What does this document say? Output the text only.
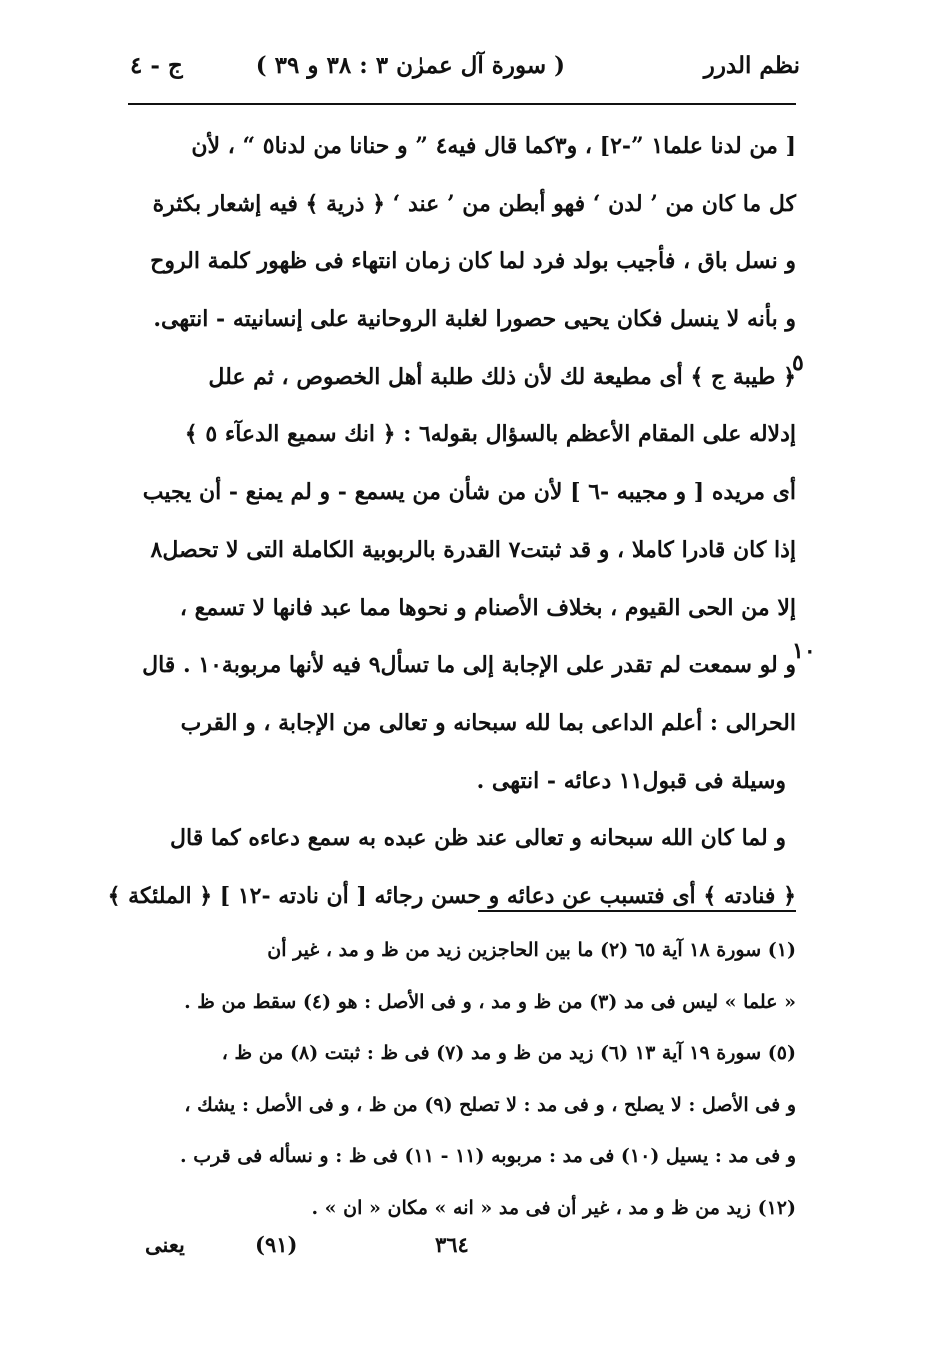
نظم الدرر
( سورة آل عمرٰن ٣ : ٣٨ و ٣٩ )
ج - ٤
[ من لدنا علما١ ”-٢] ، و٣كما قال فيه٤ ” و حنانا من لدنا٥ “ ، لأن
كل ما كان من ’ لدن ‘ فهو أبطن من ’ عند ‘ ﴿ ذرية ﴾ فيه إشعار بكثرة
و نسل باق ، فأجيب بولد فرد لما كان زمان انتهاء فى ظهور كلمة الروح
و بأنه لا ينسل فكان يحيى حصورا لغلبة الروحانية على إنسانيته - انتهى.
﴿ طيبة ج ﴾ أى مطيعة لك لأن ذلك طلبة أهل الخصوص ، ثم علل
إدلاله على المقام الأعظم بالسؤال بقوله٦ : ﴿ انك سميع الدعآء ٥ ﴾
أى مريده [ و مجيبه -٦ ] لأن من شأن من يسمع - و لم يمنع - أن يجيب
إذا كان قادرا كاملا ، و قد ثبتت٧ القدرة بالربوبية الكاملة التى لا تحصل٨
إلا من الحى القيوم ، بخلاف الأصنام و نحوها مما عبد فانها لا تسمع ،
و لو سمعت لم تقدر على الإجابة إلى ما تسأل٩ فيه لأنها مربوبة١٠ . قال
الحرالى : أعلم الداعى بما لله سبحانه و تعالى من الإجابة ، و القرب
وسيلة فى قبول١١ دعائه - انتهى .
و لما كان الله سبحانه و تعالى عند ظن عبده به سمع دعاءه كما قال
﴿ فنادته ﴾ أى فتسبب عن دعائه و حسن رجائه [ أن نادته -١٢ ] ﴿ الملئكة ﴾
٥
١٠
(١) سورة ١٨ آية ٦٥ (٢) ما بين الحاجزين زيد من ظ و مد ، غير أن
« علما » ليس فى مد (٣) من ظ و مد ، و فى الأصل : هو (٤) سقط من ظ .
(٥) سورة ١٩ آية ١٣ (٦) زيد من ظ و مد (٧) فى ظ : ثبتت (٨) من ظ ،
و فى الأصل : لا يصلح ، و فى مد : لا تصلح (٩) من ظ ، و فى الأصل : يشك ،
و فى مد : يسيل (١٠) فى مد : مربوبه (١١ - ١١) فى ظ : و نسأله فى قرب .
(١٢) زيد من ظ و مد ، غير أن فى مد « انه » مكان « ان » .
٣٦٤
(٩١)
يعنى
